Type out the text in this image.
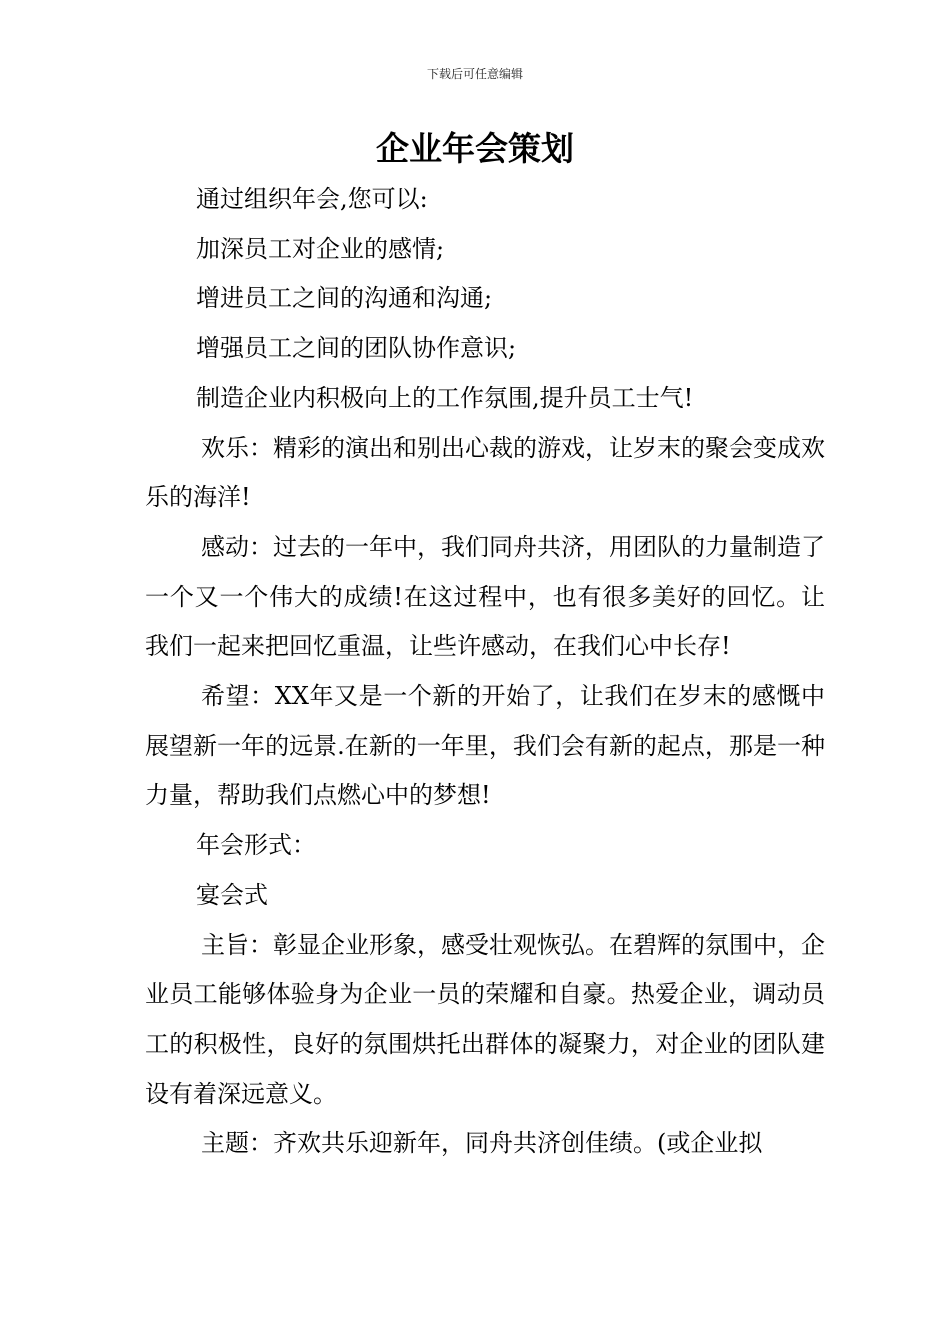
下载后可任意编辑
企业年会策划

通过组织年会,您可以:

加深员工对企业的感情;

增进员工之间的沟通和沟通;

增强员工之间的团队协作意识;

制造企业内积极向上的工作氛围,提升员工士气!

欢乐：精彩的演出和别出心裁的游戏，让岁末的聚会变成欢乐的海洋!

感动：过去的一年中，我们同舟共济，用团队的力量制造了一个又一个伟大的成绩!在这过程中，也有很多美好的回忆。让我们一起来把回忆重温，让些许感动，在我们心中长存!

希望：XX年又是一个新的开始了，让我们在岁末的感慨中展望新一年的远景.在新的一年里，我们会有新的起点，那是一种力量，帮助我们点燃心中的梦想!

年会形式：

宴会式

主旨：彰显企业形象，感受壮观恢弘。在碧辉的氛围中，企业员工能够体验身为企业一员的荣耀和自豪。热爱企业，调动员工的积极性，良好的氛围烘托出群体的凝聚力，对企业的团队建设有着深远意义。

主题：齐欢共乐迎新年，同舟共济创佳绩。(或企业拟
